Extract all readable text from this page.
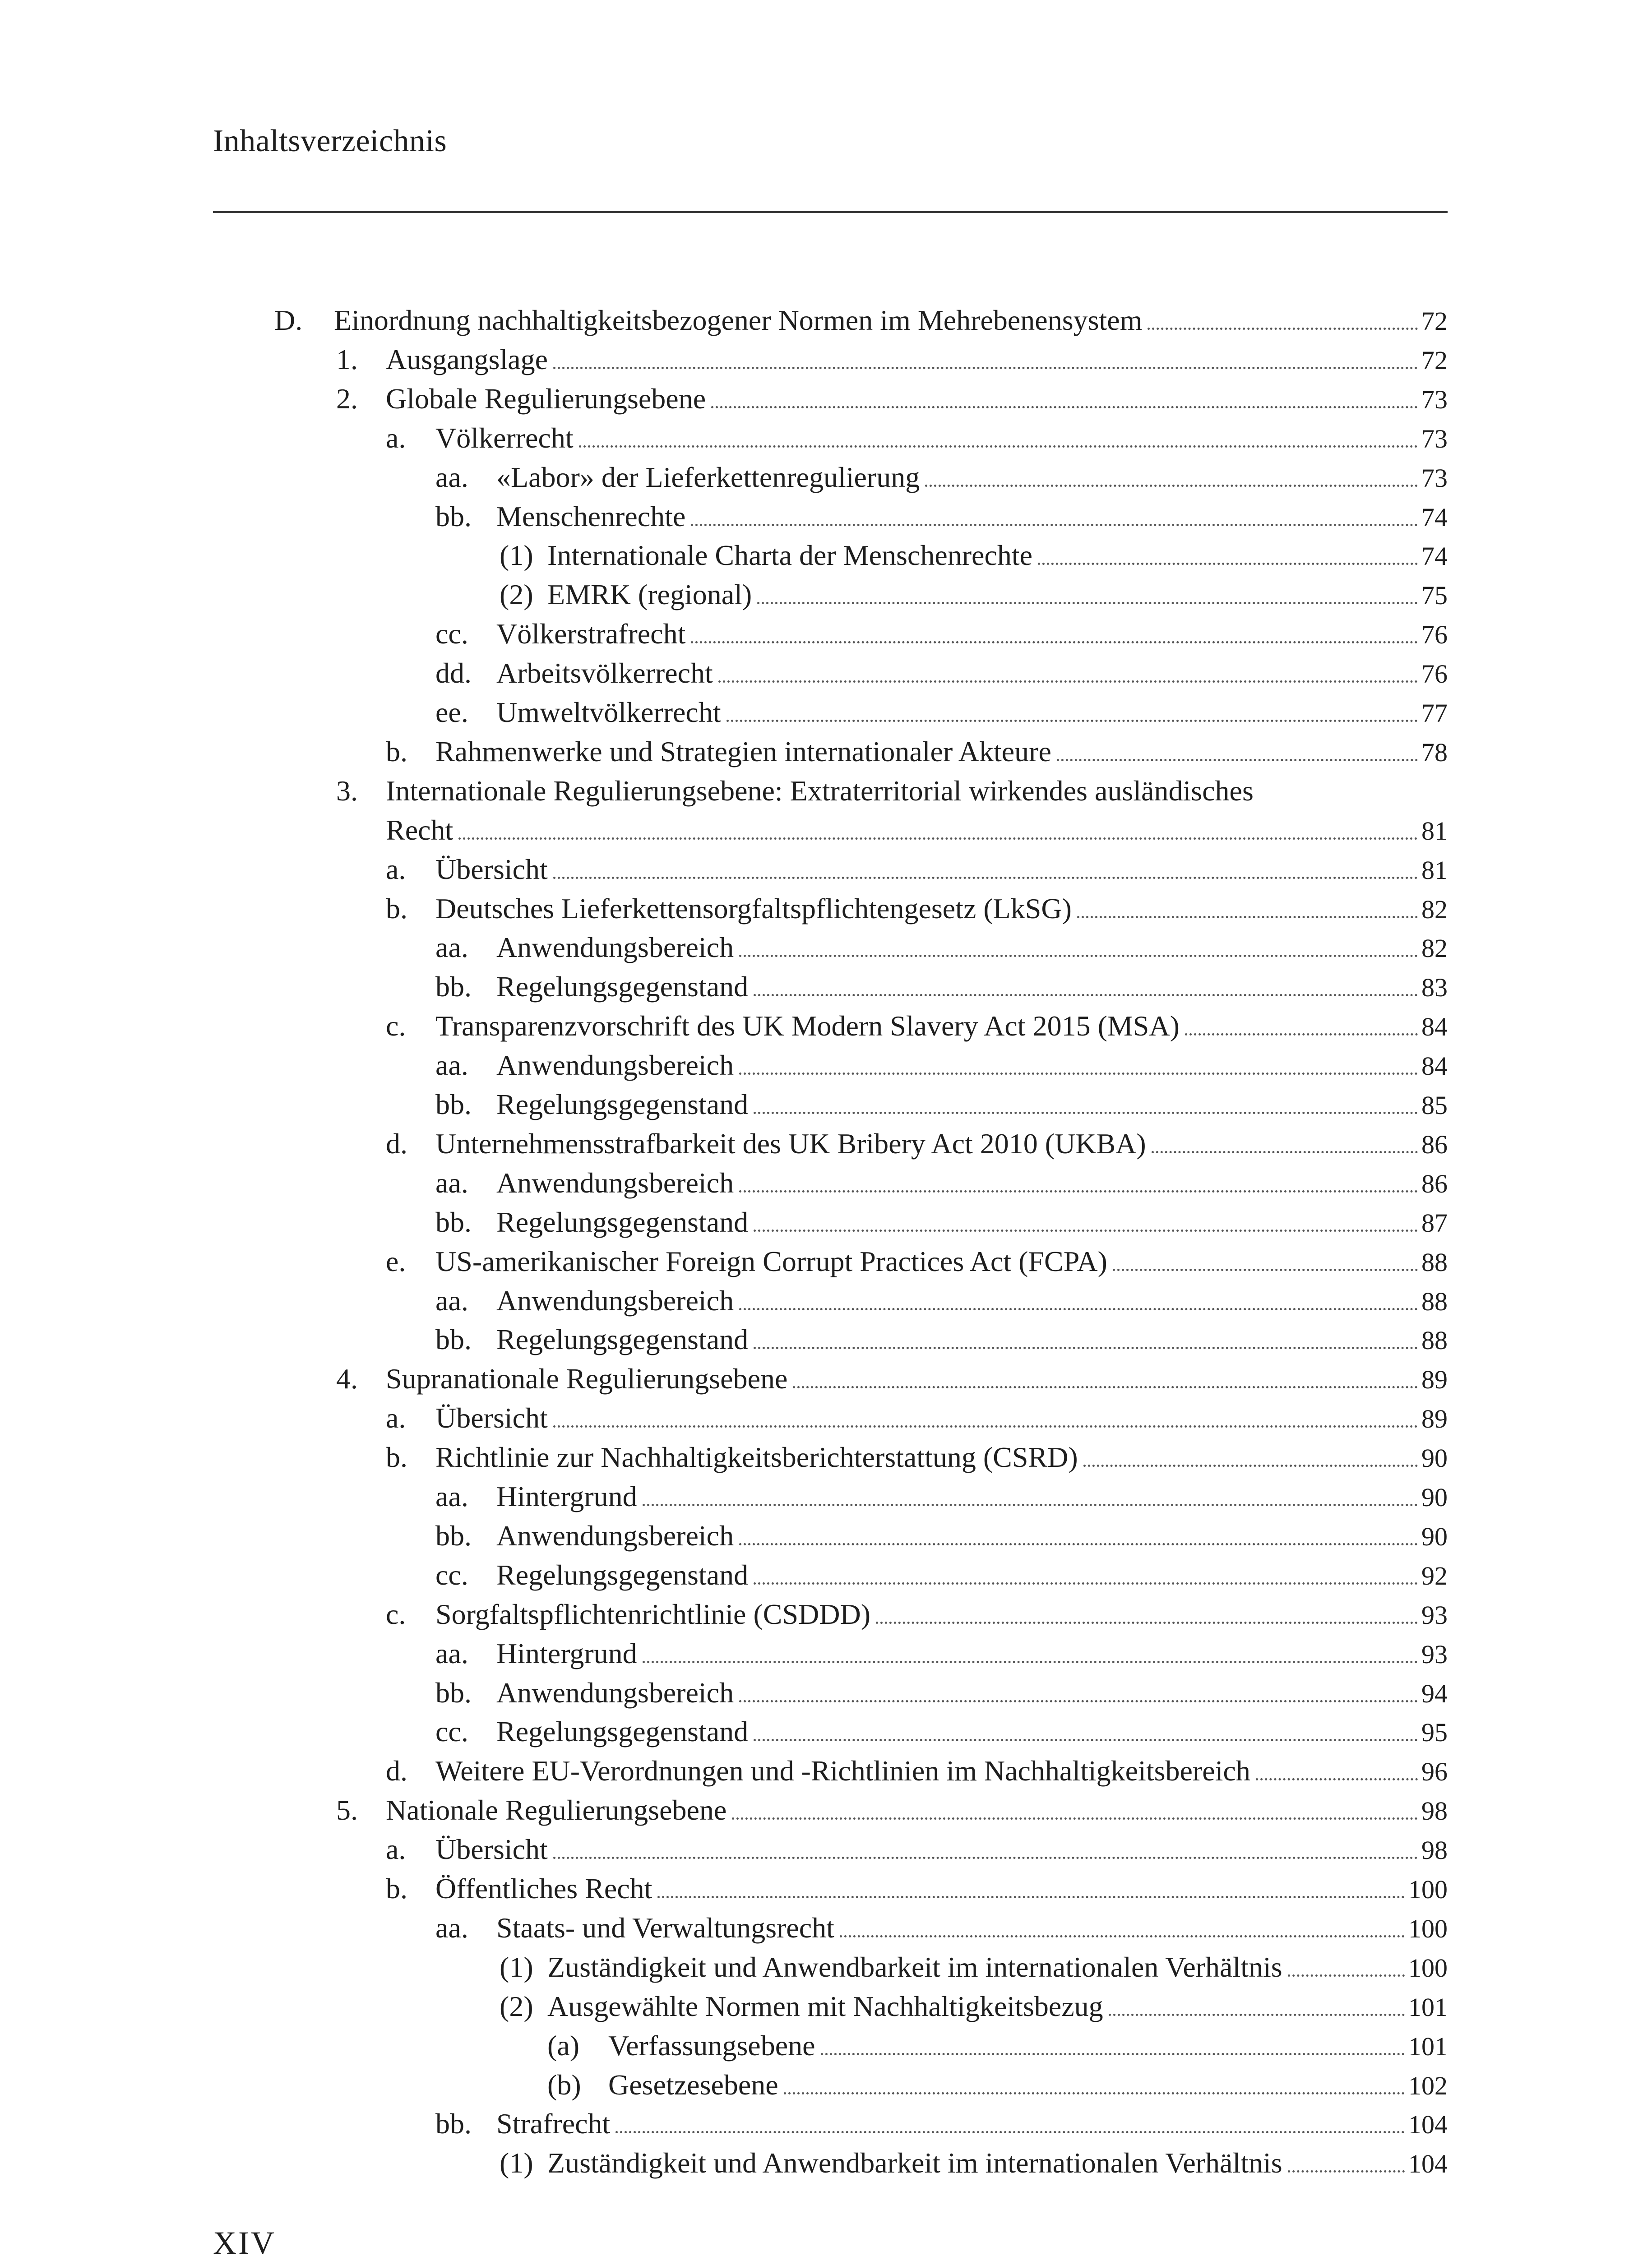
Inhaltsverzeichnis
D. Einordnung nachhaltigkeitsbezogener Normen im Mehrebenensystem	72
1. Ausgangslage	72
2. Globale Regulierungsebene	73
a. Völkerrecht	73
aa. «Labor» der Lieferkettenregulierung	73
bb. Menschenrechte	74
(1) Internationale Charta der Menschenrechte	74
(2) EMRK (regional)	75
cc. Völkerstrafrecht	76
dd. Arbeitsvölkerrecht	76
ee. Umweltvölkerrecht	77
b. Rahmenwerke und Strategien internationaler Akteure	78
3. Internationale Regulierungsebene: Extraterritorial wirkendes ausländisches
Recht	81
a. Übersicht	81
b. Deutsches Lieferkettensorgfaltspflichtengesetz (LkSG)	82
aa. Anwendungsbereich	82
bb. Regelungsgegenstand	83
c. Transparenzvorschrift des UK Modern Slavery Act 2015 (MSA)	84
aa. Anwendungsbereich	84
bb. Regelungsgegenstand	85
d. Unternehmensstrafbarkeit des UK Bribery Act 2010 (UKBA)	86
aa. Anwendungsbereich	86
bb. Regelungsgegenstand	87
e. US-amerikanischer Foreign Corrupt Practices Act (FCPA)	88
aa. Anwendungsbereich	88
bb. Regelungsgegenstand	88
4. Supranationale Regulierungsebene	89
a. Übersicht	89
b. Richtlinie zur Nachhaltigkeitsberichterstattung (CSRD)	90
aa. Hintergrund	90
bb. Anwendungsbereich	90
cc. Regelungsgegenstand	92
c. Sorgfaltspflichtenrichtlinie (CSDDD)	93
aa. Hintergrund	93
bb. Anwendungsbereich	94
cc. Regelungsgegenstand	95
d. Weitere EU-Verordnungen und -Richtlinien im Nachhaltigkeitsbereich	96
5. Nationale Regulierungsebene	98
a. Übersicht	98
b. Öffentliches Recht	100
aa. Staats- und Verwaltungsrecht	100
(1) Zuständigkeit und Anwendbarkeit im internationalen Verhältnis	100
(2) Ausgewählte Normen mit Nachhaltigkeitsbezug	101
(a) Verfassungsebene	101
(b) Gesetzesebene	102
bb. Strafrecht	104
(1) Zuständigkeit und Anwendbarkeit im internationalen Verhältnis	104
XIV
